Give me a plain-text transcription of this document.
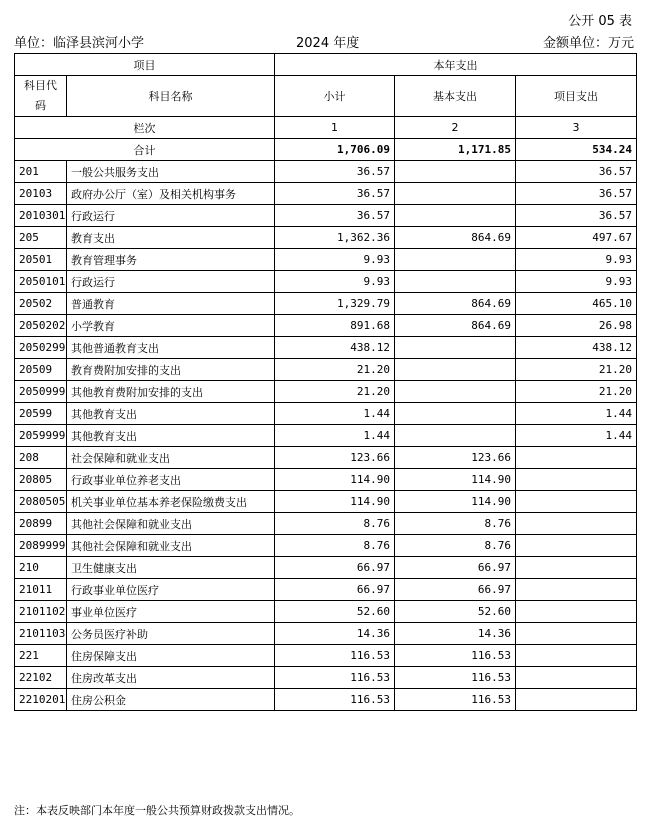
公开 05 表
单位：临泽县滨河小学	2024 年度	金额单位：万元
项目		本年支出		
科目代码	科目名称	小计	基本支出	项目支出
栏次		1	2	3
合计		1,706.09	1,171.85	534.24
201	一般公共服务支出	36.57		36.57
20103	政府办公厅（室）及相关机构事务	36.57		36.57
2010301	行政运行	36.57		36.57
205	教育支出	1,362.36	864.69	497.67
20501	教育管理事务	9.93		9.93
2050101	行政运行	9.93		9.93
20502	普通教育	1,329.79	864.69	465.10
2050202	小学教育	891.68	864.69	26.98
2050299	其他普通教育支出	438.12		438.12
20509	教育费附加安排的支出	21.20		21.20
2050999	其他教育费附加安排的支出	21.20		21.20
20599	其他教育支出	1.44		1.44
2059999	其他教育支出	1.44		1.44
208	社会保障和就业支出	123.66	123.66	
20805	行政事业单位养老支出	114.90	114.90	
2080505	机关事业单位基本养老保险缴费支出	114.90	114.90	
20899	其他社会保障和就业支出	8.76	8.76	
2089999	其他社会保障和就业支出	8.76	8.76	
210	卫生健康支出	66.97	66.97	
21011	行政事业单位医疗	66.97	66.97	
2101102	事业单位医疗	52.60	52.60	
2101103	公务员医疗补助	14.36	14.36	
221	住房保障支出	116.53	116.53	
22102	住房改革支出	116.53	116.53	
2210201	住房公积金	116.53	116.53	
注：本表反映部门本年度一般公共预算财政拨款支出情况。
